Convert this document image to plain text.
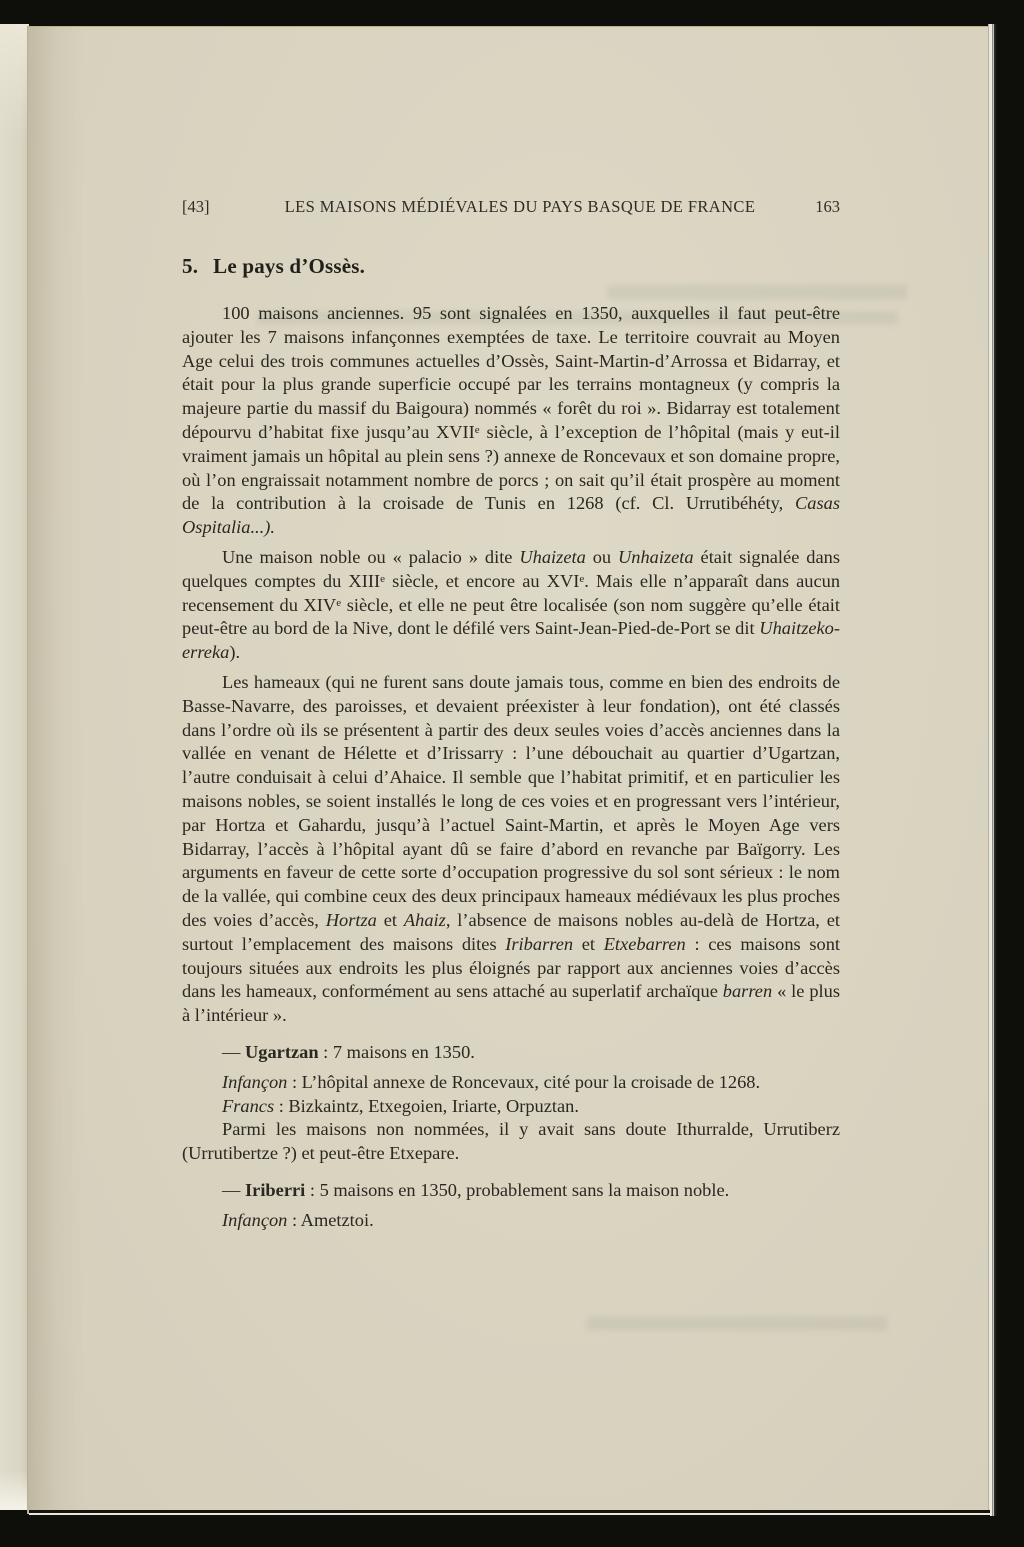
[43]	LES MAISONS MÉDIÉVALES DU PAYS BASQUE DE FRANCE	163
5. Le pays d’Ossès.

100 maisons anciennes. 95 sont signalées en 1350, auxquelles il faut peut-être ajouter les 7 maisons infançonnes exemptées de taxe. Le territoire couvrait au Moyen Age celui des trois communes actuelles d’Ossès, Saint-Martin-d’Arrossa et Bidarray, et était pour la plus grande superficie occupé par les terrains montagneux (y compris la majeure partie du massif du Baigoura) nommés « forêt du roi ». Bidarray est totalement dépourvu d’habitat fixe jusqu’au XVIIe siècle, à l’exception de l’hôpital (mais y eut-il vraiment jamais un hôpital au plein sens ?) annexe de Roncevaux et son domaine propre, où l’on engraissait notamment nombre de porcs ; on sait qu’il était prospère au moment de la contribution à la croisade de Tunis en 1268 (cf. Cl. Urrutibéhéty, Casas Ospitalia...).

Une maison noble ou « palacio » dite Uhaizeta ou Unhaizeta était signalée dans quelques comptes du XIIIe siècle, et encore au XVIe. Mais elle n’apparaît dans aucun recensement du XIVe siècle, et elle ne peut être localisée (son nom suggère qu’elle était peut-être au bord de la Nive, dont le défilé vers Saint-Jean-Pied-de-Port se dit Uhaitzeko-erreka).

Les hameaux (qui ne furent sans doute jamais tous, comme en bien des endroits de Basse-Navarre, des paroisses, et devaient préexister à leur fondation), ont été classés dans l’ordre où ils se présentent à partir des deux seules voies d’accès anciennes dans la vallée en venant de Hélette et d’Irissarry : l’une débouchait au quartier d’Ugartzan, l’autre conduisait à celui d’Ahaice. Il semble que l’habitat primitif, et en particulier les maisons nobles, se soient installés le long de ces voies et en progressant vers l’intérieur, par Hortza et Gahardu, jusqu’à l’actuel Saint-Martin, et après le Moyen Age vers Bidarray, l’accès à l’hôpital ayant dû se faire d’abord en revanche par Baïgorry. Les arguments en faveur de cette sorte d’occupation progressive du sol sont sérieux : le nom de la vallée, qui combine ceux des deux principaux hameaux médiévaux les plus proches des voies d’accès, Hortza et Ahaiz, l’absence de maisons nobles au-delà de Hortza, et surtout l’emplacement des maisons dites Iribarren et Etxebarren : ces maisons sont toujours situées aux endroits les plus éloignés par rapport aux anciennes voies d’accès dans les hameaux, conformément au sens attaché au superlatif archaïque barren « le plus à l’intérieur ».

— Ugartzan : 7 maisons en 1350.

Infançon : L’hôpital annexe de Roncevaux, cité pour la croisade de 1268.

Francs : Bizkaintz, Etxegoien, Iriarte, Orpuztan.

Parmi les maisons non nommées, il y avait sans doute Ithurralde, Urrutiberz (Urrutibertze ?) et peut-être Etxepare.

— Iriberri : 5 maisons en 1350, probablement sans la maison noble.

Infançon : Ametztoi.
